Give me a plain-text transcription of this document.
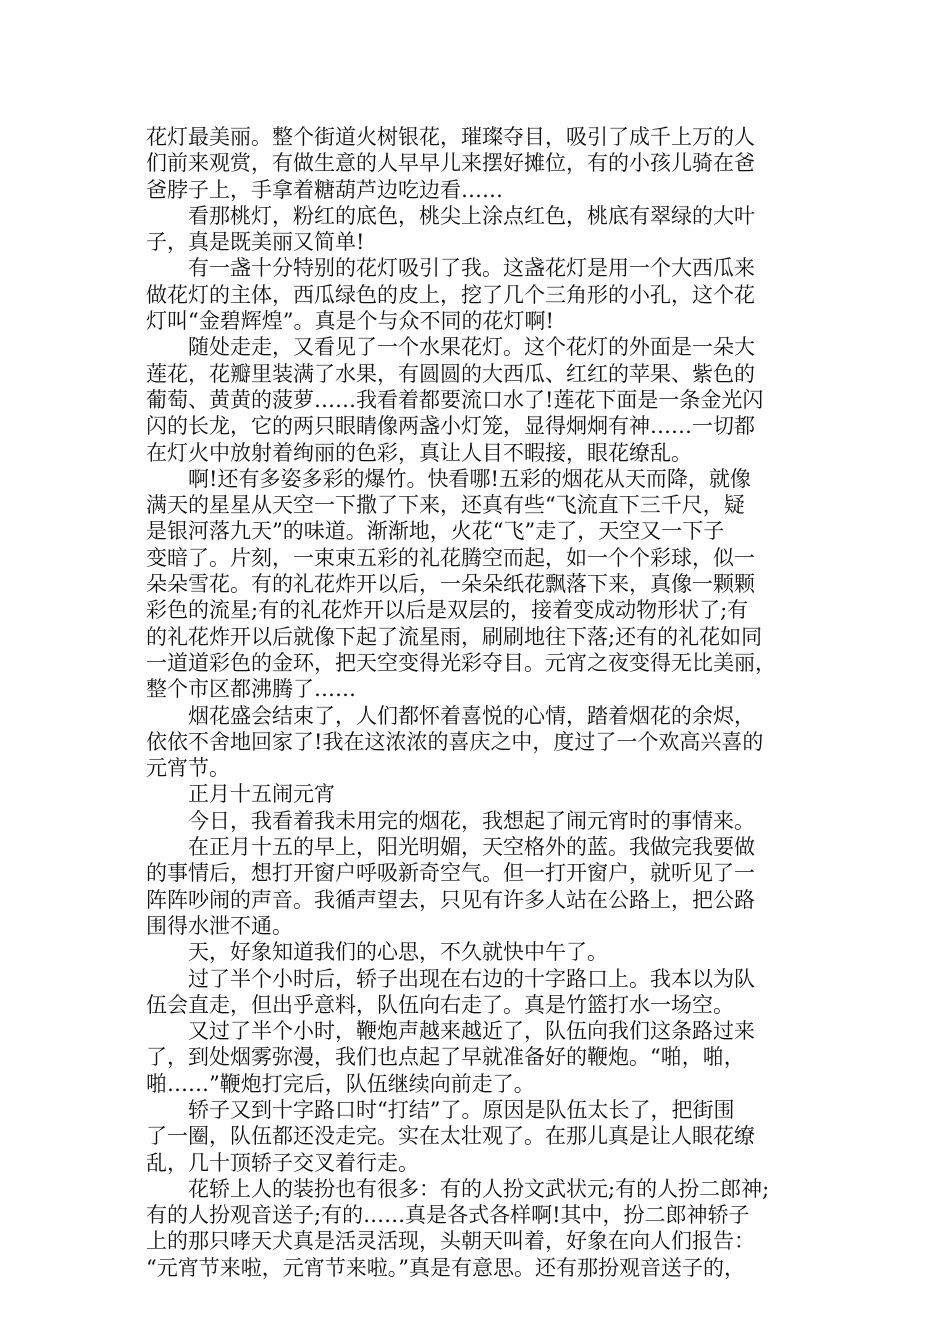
花灯最美丽。整个街道火树银花，璀璨夺目，吸引了成千上万的人
们前来观赏，有做生意的人早早儿来摆好摊位，有的小孩儿骑在爸
爸脖子上，手拿着糖葫芦边吃边看……
看那桃灯，粉红的底色，桃尖上涂点红色，桃底有翠绿的大叶
子，真是既美丽又简单!
有一盏十分特别的花灯吸引了我。这盏花灯是用一个大西瓜来
做花灯的主体，西瓜绿色的皮上，挖了几个三角形的小孔，这个花
灯叫“金碧辉煌”。真是个与众不同的花灯啊!
随处走走，又看见了一个水果花灯。这个花灯的外面是一朵大
莲花，花瓣里装满了水果，有圆圆的大西瓜、红红的苹果、紫色的
葡萄、黄黄的菠萝……我看着都要流口水了!莲花下面是一条金光闪
闪的长龙，它的两只眼睛像两盏小灯笼，显得炯炯有神……一切都
在灯火中放射着绚丽的色彩，真让人目不暇接，眼花缭乱。
啊!还有多姿多彩的爆竹。快看哪!五彩的烟花从天而降，就像
满天的星星从天空一下撒了下来，还真有些“飞流直下三千尺，疑
是银河落九天”的味道。渐渐地，火花“飞”走了，天空又一下子
变暗了。片刻，一束束五彩的礼花腾空而起，如一个个彩球，似一
朵朵雪花。有的礼花炸开以后，一朵朵纸花飘落下来，真像一颗颗
彩色的流星;有的礼花炸开以后是双层的，接着变成动物形状了;有
的礼花炸开以后就像下起了流星雨，刷刷地往下落;还有的礼花如同
一道道彩色的金环，把天空变得光彩夺目。元宵之夜变得无比美丽，
整个市区都沸腾了……
烟花盛会结束了，人们都怀着喜悦的心情，踏着烟花的余烬，
依依不舍地回家了!我在这浓浓的喜庆之中，度过了一个欢高兴喜的
元宵节。
正月十五闹元宵
今日，我看着我未用完的烟花，我想起了闹元宵时的事情来。
在正月十五的早上，阳光明媚，天空格外的蓝。我做完我要做
的事情后，想打开窗户呼吸新奇空气。但一打开窗户，就听见了一
阵阵吵闹的声音。我循声望去，只见有许多人站在公路上，把公路
围得水泄不通。
天，好象知道我们的心思，不久就快中午了。
过了半个小时后，轿子出现在右边的十字路口上。我本以为队
伍会直走，但出乎意料，队伍向右走了。真是竹篮打水一场空。
又过了半个小时，鞭炮声越来越近了，队伍向我们这条路过来
了，到处烟雾弥漫，我们也点起了早就准备好的鞭炮。“啪，啪，
啪……”鞭炮打完后，队伍继续向前走了。
轿子又到十字路口时“打结”了。原因是队伍太长了，把街围
了一圈，队伍都还没走完。实在太壮观了。在那儿真是让人眼花缭
乱，几十顶轿子交叉着行走。
花轿上人的装扮也有很多：有的人扮文武状元;有的人扮二郎神;
有的人扮观音送子;有的……真是各式各样啊!其中，扮二郎神轿子
上的那只哮天犬真是活灵活现，头朝天叫着，好象在向人们报告：
“元宵节来啦，元宵节来啦。”真是有意思。还有那扮观音送子的，
